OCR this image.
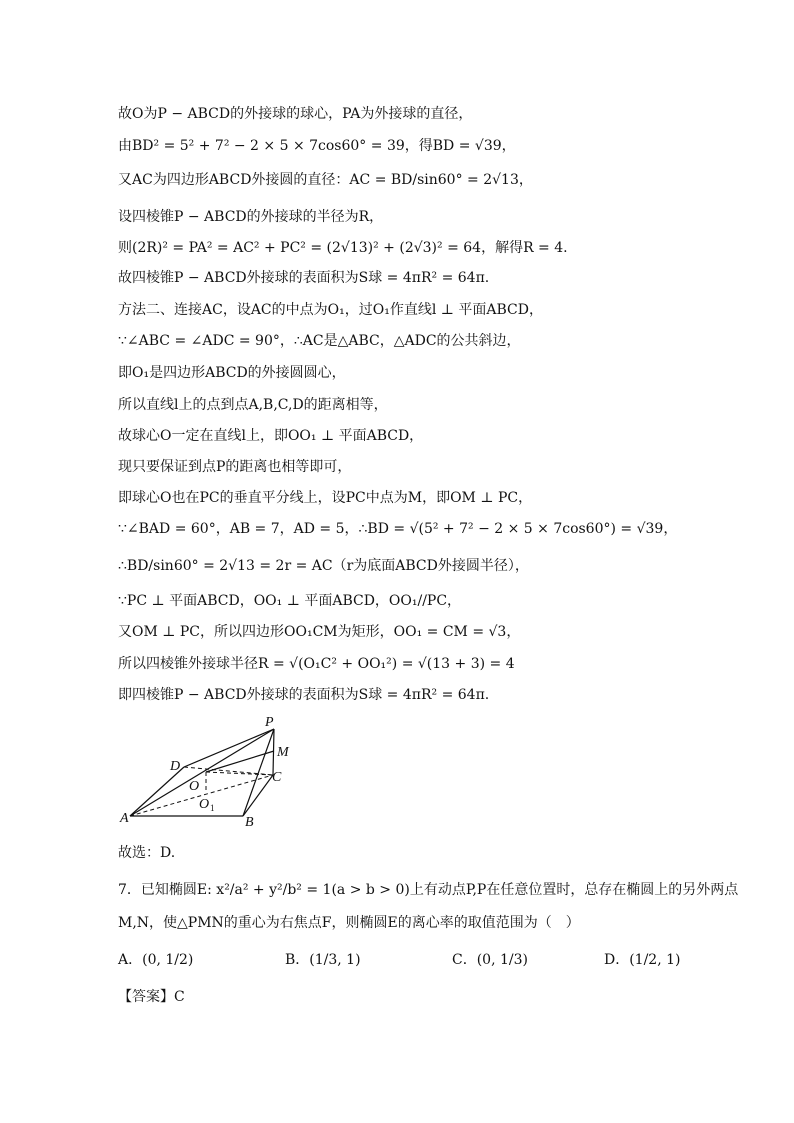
故O为P − ABCD的外接球的球心，PA为外接球的直径，
由BD² = 5² + 7² − 2 × 5 × 7cos60° = 39，得BD = √39，
又AC为四边形ABCD外接圆的直径：AC = BD/sin60° = 2√13，
设四棱锥P − ABCD的外接球的半径为R，
则(2R)² = PA² = AC² + PC² = (2√13)² + (2√3)² = 64，解得R = 4.
故四棱锥P − ABCD外接球的表面积为S球 = 4πR² = 64π.
方法二、连接AC，设AC的中点为O₁，过O₁作直线l ⊥ 平面ABCD，
∵∠ABC = ∠ADC = 90°，∴AC是△ABC，△ADC的公共斜边，
即O₁是四边形ABCD的外接圆圆心，
所以直线l上的点到点A,B,C,D的距离相等，
故球心O一定在直线l上，即OO₁ ⊥ 平面ABCD，
现只要保证到点P的距离也相等即可，
即球心O也在PC的垂直平分线上，设PC中点为M，即OM ⊥ PC，
∵∠BAD = 60°，AB = 7，AD = 5，∴BD = √(5² + 7² − 2 × 5 × 7cos60°) = √39，
∴BD/sin60° = 2√13 = 2r = AC（r为底面ABCD外接圆半径），
∵PC ⊥ 平面ABCD，OO₁ ⊥ 平面ABCD，OO₁//PC，
又OM ⊥ PC，所以四边形OO₁CM为矩形，OO₁ = CM = √3，
所以四棱锥外接球半径R = √(O₁C² + OO₁²) = √(13 + 3) = 4
即四棱锥P − ABCD外接球的表面积为S球 = 4πR² = 64π.
P
M
D
C
O
O 1
A	B
故选：D.
7．已知椭圆E: x²/a² + y²/b² = 1(a > b > 0)上有动点P,P在任意位置时，总存在椭圆上的另外两点
M,N，使△PMN的重心为右焦点F，则椭圆E的离心率的取值范围为（　）
A．(0, 1/2)	B．(1/3, 1)	C．(0, 1/3)	D．(1/2, 1)
【答案】C
